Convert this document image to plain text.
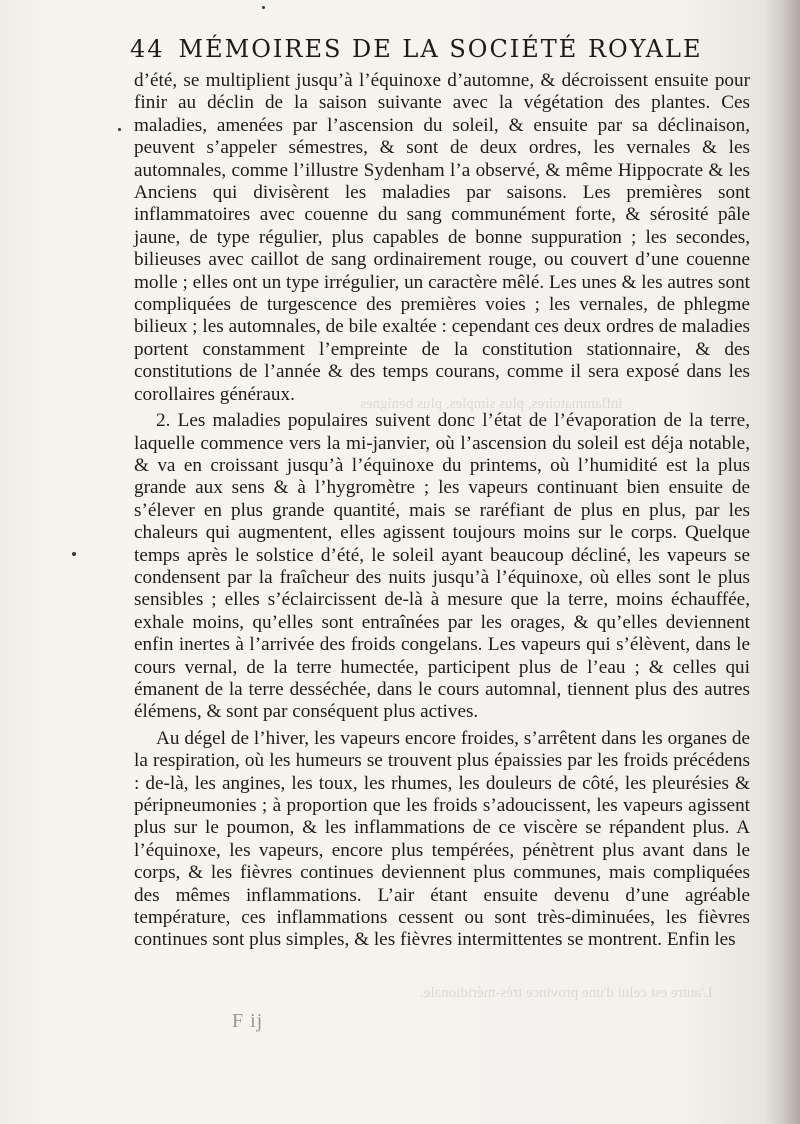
44 MÉMOIRES DE LA SOCIÉTÉ ROYALE
inflammatoires, plus simples, plus benignes
L'autre est celui d'une province très-méridionale.

d’été, se multiplient jusqu’à l’équinoxe d’automne, & décroissent ensuite pour finir au déclin de la saison suivante avec la végétation des plantes. Ces maladies, amenées par l’ascension du soleil, & ensuite par sa déclinaison, peuvent s’appeler sémestres, & sont de deux ordres, les vernales & les automnales, comme l’illustre Sydenham l’a observé, & même Hippocrate & les Anciens qui divisèrent les maladies par saisons. Les premières sont inflammatoires avec couenne du sang communément forte, & sérosité pâle jaune, de type régulier, plus capables de bonne suppuration ; les secondes, bilieuses avec caillot de sang ordinairement rouge, ou couvert d’une couenne molle ; elles ont un type irrégulier, un caractère mêlé. Les unes & les autres sont compliquées de turgescence des premières voies ; les vernales, de phlegme bilieux ; les automnales, de bile exaltée : cependant ces deux ordres de maladies portent constamment l’empreinte de la constitution stationnaire, & des constitutions de l’année & des temps courans, comme il sera exposé dans les corollaires généraux.

2. Les maladies populaires suivent donc l’état de l’évaporation de la terre, laquelle commence vers la mi-janvier, où l’ascension du soleil est déja notable, & va en croissant jusqu’à l’équinoxe du printems, où l’humidité est la plus grande aux sens & à l’hygromètre ; les vapeurs continuant bien ensuite de s’élever en plus grande quantité, mais se raréfiant de plus en plus, par les chaleurs qui augmentent, elles agissent toujours moins sur le corps. Quelque temps après le solstice d’été, le soleil ayant beaucoup décliné, les vapeurs se condensent par la fraîcheur des nuits jusqu’à l’équinoxe, où elles sont le plus sensibles ; elles s’éclaircissent de-là à mesure que la terre, moins échauffée, exhale moins, qu’elles sont entraînées par les orages, & qu’elles deviennent enfin inertes à l’arrivée des froids congelans. Les vapeurs qui s’élèvent, dans le cours vernal, de la terre humectée, participent plus de l’eau ; & celles qui émanent de la terre desséchée, dans le cours automnal, tiennent plus des autres élémens, & sont par conséquent plus actives.

Au dégel de l’hiver, les vapeurs encore froides, s’arrêtent dans les organes de la respiration, où les humeurs se trouvent plus épaissies par les froids précédens : de-là, les angines, les toux, les rhumes, les douleurs de côté, les pleurésies & péripneumonies ; à proportion que les froids s’adoucissent, les vapeurs agissent plus sur le poumon, & les inflammations de ce viscère se répandent plus. A l’équinoxe, les vapeurs, encore plus tempérées, pénètrent plus avant dans le corps, & les fièvres continues deviennent plus communes, mais compliquées des mêmes inflammations. L’air étant ensuite devenu d’une agréable température, ces inflammations cessent ou sont très-diminuées, les fièvres continues sont plus simples, & les fièvres intermittentes se montrent. Enfin les

F ij
